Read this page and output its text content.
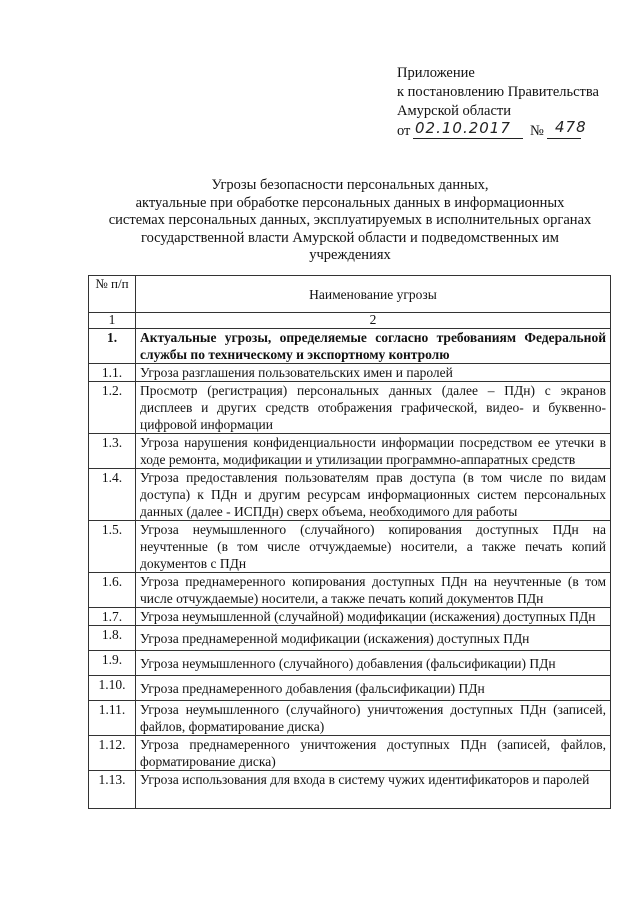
Приложение
к постановлению Правительства
Амурской области
от 02.10.2017 № 478
Угрозы безопасности персональных данных,
актуальные при обработке персональных данных в информационных
системах персональных данных, эксплуатируемых в исполнительных органах
государственной власти Амурской области и подведомственных им
учреждениях
№ п/п	Наименование угрозы
1	2
1.	Актуальные угрозы, определяемые согласно требованиям Федеральной службы по техническому и экспортному контролю
1.1.	Угроза разглашения пользовательских имен и паролей
1.2.	Просмотр (регистрация) персональных данных (далее – ПДн) с экранов дисплеев и других средств отображения графической, видео- и буквенно-цифровой информации
1.3.	Угроза нарушения конфиденциальности информации посредством ее утечки в ходе ремонта, модификации и утилизации программно-аппаратных средств
1.4.	Угроза предоставления пользователям прав доступа (в том числе по видам доступа) к ПДн и другим ресурсам информационных систем персональных данных (далее - ИСПДн) сверх объема, необходимого для работы
1.5.	Угроза неумышленного (случайного) копирования доступных ПДн на неучтенные (в том числе отчуждаемые) носители, а также печать копий документов с ПДн
1.6.	Угроза преднамеренного копирования доступных ПДн на неучтенные (в том числе отчуждаемые) носители, а также печать копий документов ПДн
1.7.	Угроза неумышленной (случайной) модификации (искажения) доступных ПДн
1.8.	Угроза преднамеренной модификации (искажения) доступных ПДн
1.9.	Угроза неумышленного (случайного) добавления (фальсификации) ПДн
1.10.	Угроза преднамеренного добавления (фальсификации) ПДн
1.11.	Угроза неумышленного (случайного) уничтожения доступных ПДн (записей, файлов, форматирование диска)
1.12.	Угроза преднамеренного уничтожения доступных ПДн (записей, файлов, форматирование диска)
1.13.	Угроза использования для входа в систему чужих идентификаторов и паролей
